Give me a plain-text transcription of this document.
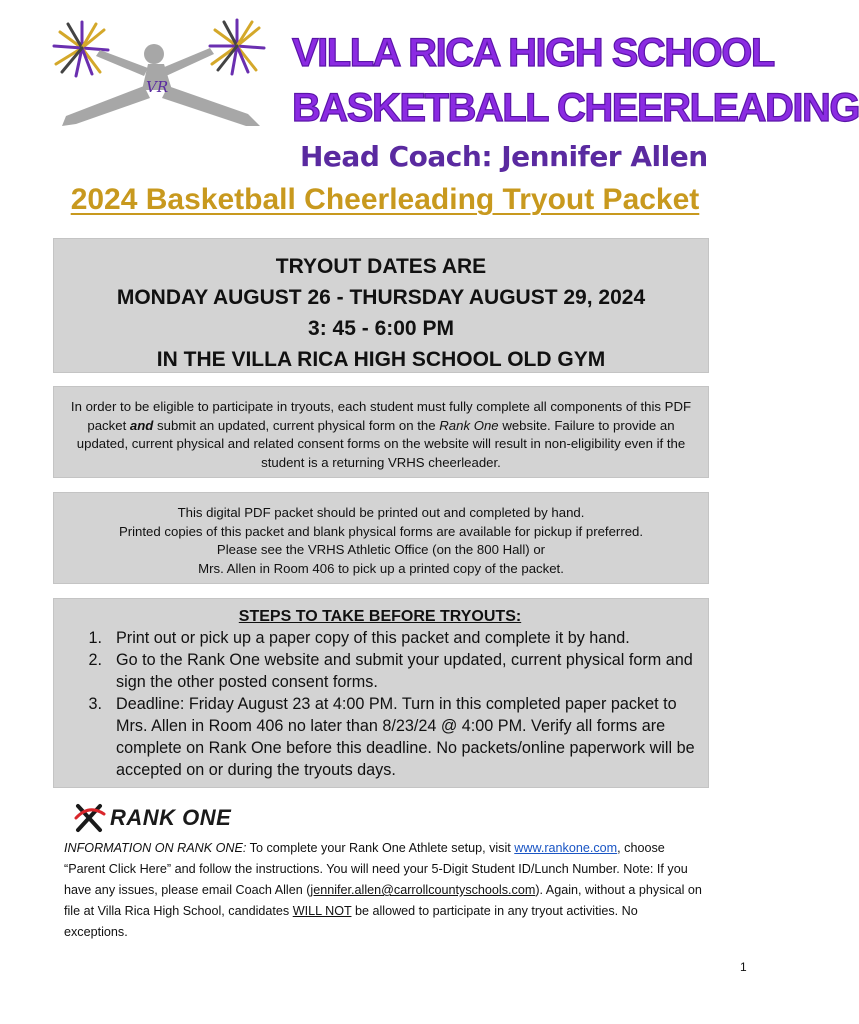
VR
VILLA RICA HIGH SCHOOL
BASKETBALL CHEERLEADING
Head Coach: Jennifer Allen
2024 Basketball Cheerleading Tryout Packet
TRYOUT DATES ARE
MONDAY AUGUST 26 - THURSDAY AUGUST 29, 2024
3: 45 - 6:00 PM
IN THE VILLA RICA HIGH SCHOOL OLD GYM

In order to be eligible to participate in tryouts, each student must fully complete all components of this PDF packet and submit an updated, current physical form on the Rank One website. Failure to provide an updated, current physical and related consent forms on the website will result in non-eligibility even if the student is a returning VRHS cheerleader.

This digital PDF packet should be printed out and completed by hand.

Printed copies of this packet and blank physical forms are available for pickup if preferred.

Please see the VRHS Athletic Office (on the 800 Hall) or

Mrs. Allen in Room 406 to pick up a printed copy of the packet.

STEPS TO TAKE BEFORE TRYOUTS:
1. Print out or pick up a paper copy of this packet and complete it by hand.
2. Go to the Rank One website and submit your updated, current physical form and sign the other posted consent forms.
3. Deadline: Friday August 23 at 4:00 PM. Turn in this completed paper packet to Mrs. Allen in Room 406 no later than 8/23/24 @ 4:00 PM. Verify all forms are complete on Rank One before this deadline. No packets/online paperwork will be accepted on or during the tryouts days.
RANK ONE
INFORMATION ON RANK ONE: To complete your Rank One Athlete setup, visit www.rankone.com, choose “Parent Click Here” and follow the instructions. You will need your 5-Digit Student ID/Lunch Number. Note: If you have any issues, please email Coach Allen (jennifer.allen@carrollcountyschools.com). Again, without a physical on file at Villa Rica High School, candidates WILL NOT be allowed to participate in any tryout activities. No exceptions.
1
